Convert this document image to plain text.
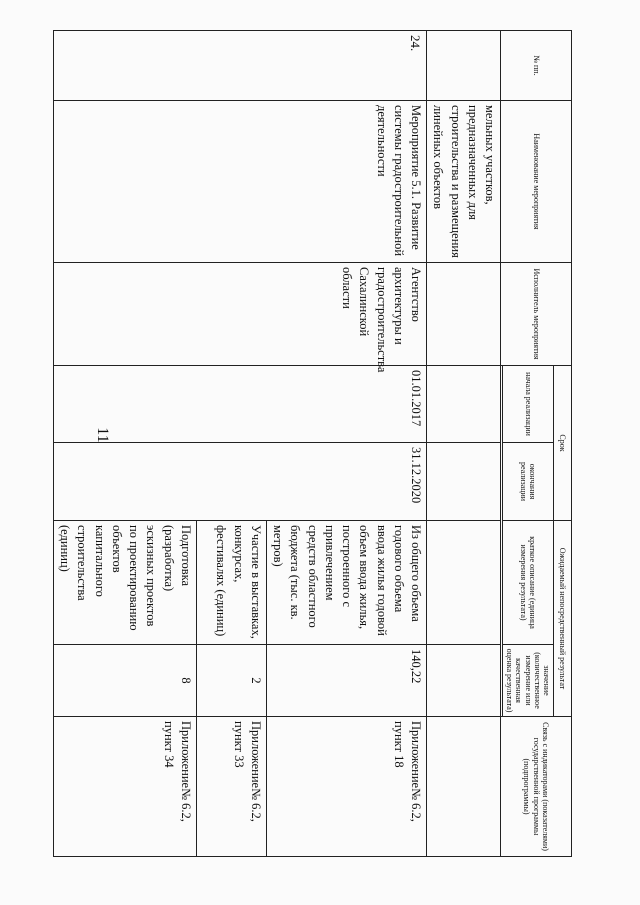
11
№ пп.	Наименование мероприятия	Исполнитель мероприятия	Срок		Ожидаемый непосредственный результат		Связь с индикаторами (показателями) государственной программы (подпрограммы)
			начала реализации	окончания реализации	краткое описание (единица измерения результата)	значение (количественное измерение или качественная оценка результата)	

	мельных участков, предназначенных для строительства и размещения линейных объектов						
24.	Мероприятие 5.1. Развитие системы градостроительной деятельности	Агентство архитектуры и градостроительства Сахалинской области	01.01.2017	31.12.2020	Из общего объема годового объема ввода жилья годовой объем ввода жилья, построенного с привлечением средств областного бюджета (тыс. кв. метров)	140,22	Приложение№ 6.2, пункт 18
					Участие в выставках, конкурсах, фестивалях (единиц)	2	Приложение№ 6.2, пункт 33
					Подготовка (разработка) эскизных проектов по проектированию объектов капитального строительства (единиц)	8	Приложение№ 6.2, пункт 34
